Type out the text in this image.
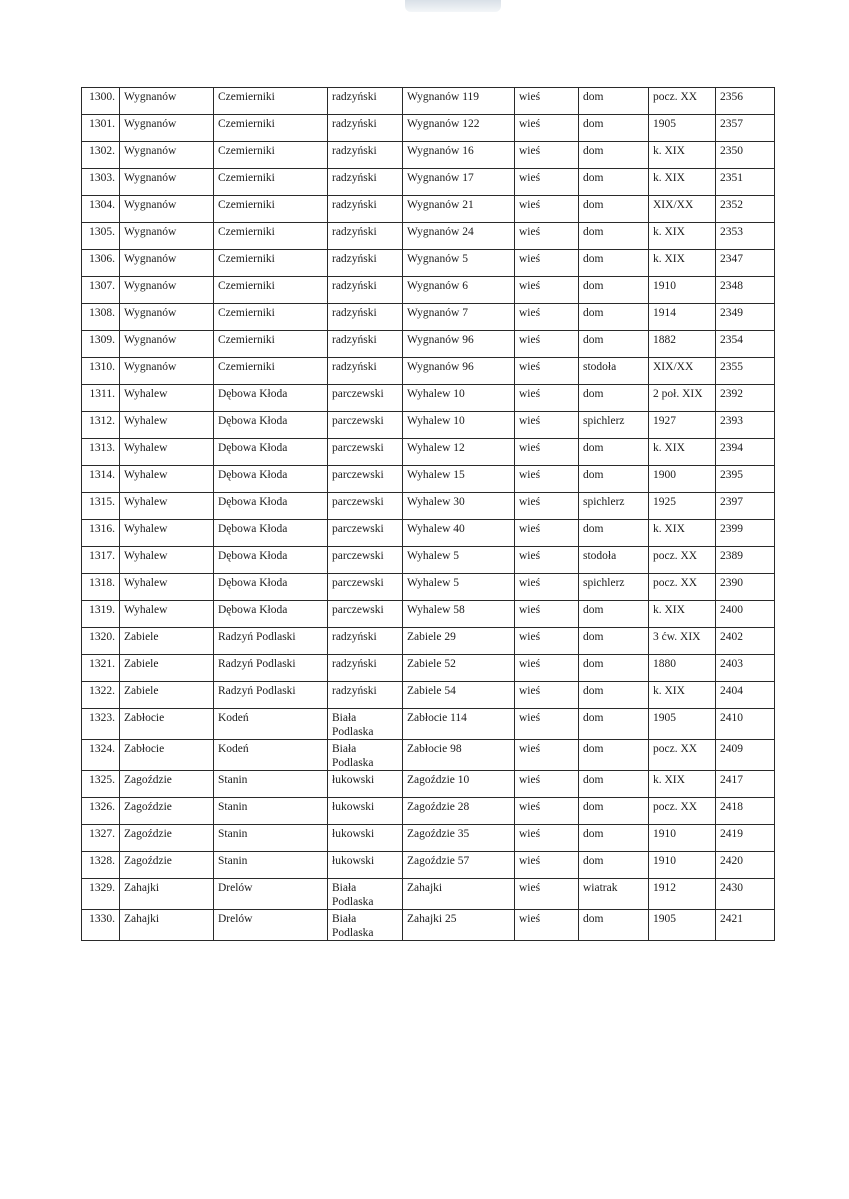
1300.	Wygnanów	Czemierniki	radzyński	Wygnanów 119	wieś	dom	pocz. XX	2356
1301.	Wygnanów	Czemierniki	radzyński	Wygnanów 122	wieś	dom	1905	2357
1302.	Wygnanów	Czemierniki	radzyński	Wygnanów 16	wieś	dom	k. XIX	2350
1303.	Wygnanów	Czemierniki	radzyński	Wygnanów 17	wieś	dom	k. XIX	2351
1304.	Wygnanów	Czemierniki	radzyński	Wygnanów 21	wieś	dom	XIX/XX	2352
1305.	Wygnanów	Czemierniki	radzyński	Wygnanów 24	wieś	dom	k. XIX	2353
1306.	Wygnanów	Czemierniki	radzyński	Wygnanów 5	wieś	dom	k. XIX	2347
1307.	Wygnanów	Czemierniki	radzyński	Wygnanów 6	wieś	dom	1910	2348
1308.	Wygnanów	Czemierniki	radzyński	Wygnanów 7	wieś	dom	1914	2349
1309.	Wygnanów	Czemierniki	radzyński	Wygnanów 96	wieś	dom	1882	2354
1310.	Wygnanów	Czemierniki	radzyński	Wygnanów 96	wieś	stodoła	XIX/XX	2355
1311.	Wyhalew	Dębowa Kłoda	parczewski	Wyhalew 10	wieś	dom	2 poł. XIX	2392
1312.	Wyhalew	Dębowa Kłoda	parczewski	Wyhalew 10	wieś	spichlerz	1927	2393
1313.	Wyhalew	Dębowa Kłoda	parczewski	Wyhalew 12	wieś	dom	k. XIX	2394
1314.	Wyhalew	Dębowa Kłoda	parczewski	Wyhalew 15	wieś	dom	1900	2395
1315.	Wyhalew	Dębowa Kłoda	parczewski	Wyhalew 30	wieś	spichlerz	1925	2397
1316.	Wyhalew	Dębowa Kłoda	parczewski	Wyhalew 40	wieś	dom	k. XIX	2399
1317.	Wyhalew	Dębowa Kłoda	parczewski	Wyhalew 5	wieś	stodoła	pocz. XX	2389
1318.	Wyhalew	Dębowa Kłoda	parczewski	Wyhalew 5	wieś	spichlerz	pocz. XX	2390
1319.	Wyhalew	Dębowa Kłoda	parczewski	Wyhalew 58	wieś	dom	k. XIX	2400
1320.	Zabiele	Radzyń Podlaski	radzyński	Zabiele 29	wieś	dom	3 ćw. XIX	2402
1321.	Zabiele	Radzyń Podlaski	radzyński	Zabiele 52	wieś	dom	1880	2403
1322.	Zabiele	Radzyń Podlaski	radzyński	Zabiele 54	wieś	dom	k. XIX	2404
1323.	Zabłocie	Kodeń	Biała Podlaska	Zabłocie 114	wieś	dom	1905	2410
1324.	Zabłocie	Kodeń	Biała Podlaska	Zabłocie 98	wieś	dom	pocz. XX	2409
1325.	Zagoździe	Stanin	łukowski	Zagoździe 10	wieś	dom	k. XIX	2417
1326.	Zagoździe	Stanin	łukowski	Zagoździe 28	wieś	dom	pocz. XX	2418
1327.	Zagoździe	Stanin	łukowski	Zagoździe 35	wieś	dom	1910	2419
1328.	Zagoździe	Stanin	łukowski	Zagoździe 57	wieś	dom	1910	2420
1329.	Zahajki	Drelów	Biała Podlaska	Zahajki	wieś	wiatrak	1912	2430
1330.	Zahajki	Drelów	Biała Podlaska	Zahajki 25	wieś	dom	1905	2421
